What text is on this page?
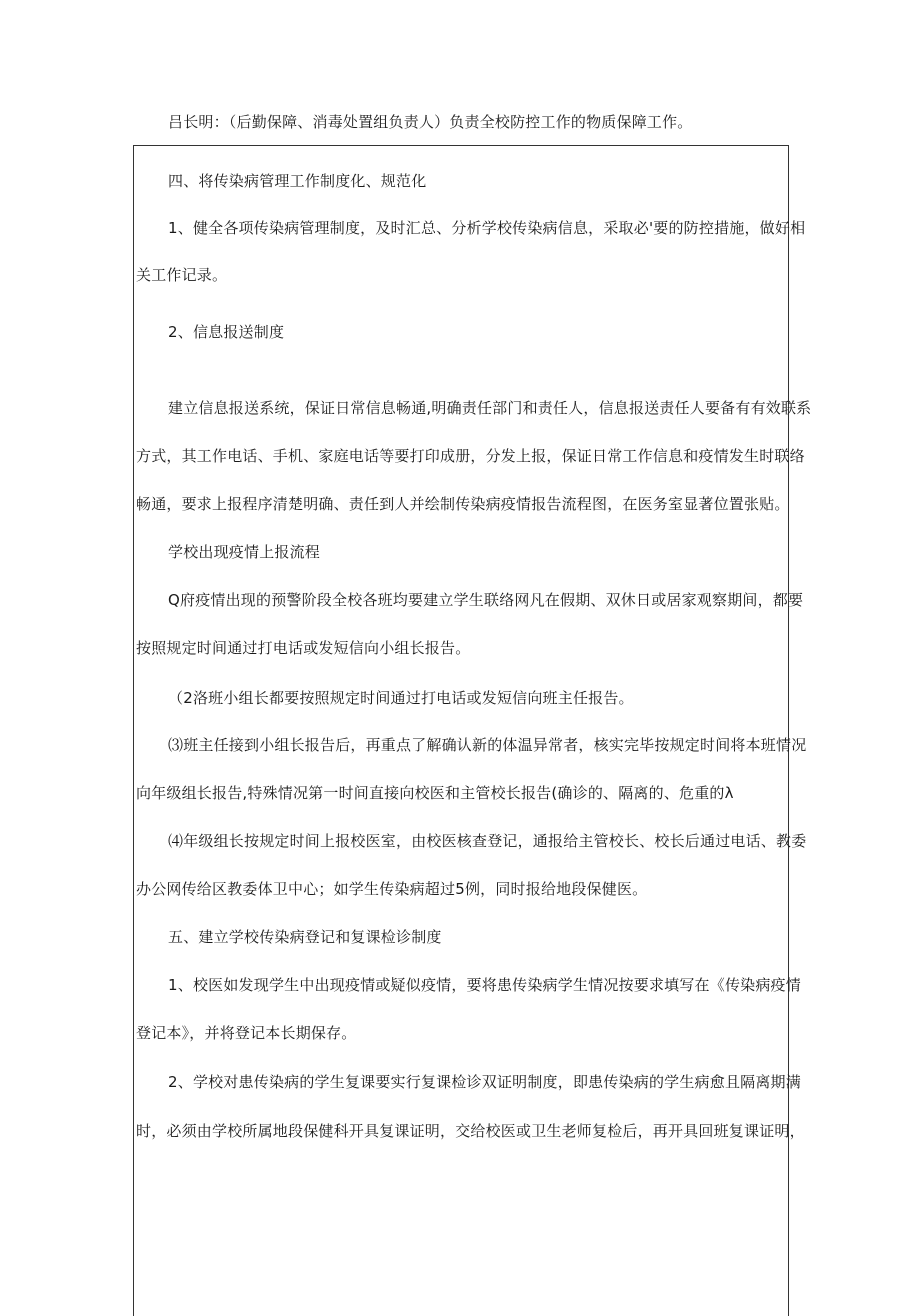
吕长明：（后勤保障、消毒处置组负责人）负责全校防控工作的物质保障工作。
四、将传染病管理工作制度化、规范化
1、健全各项传染病管理制度，及时汇总、分析学校传染病信息，采取必'要的防控措施，做好相
关工作记录。
2、信息报送制度
建立信息报送系统，保证日常信息畅通,明确责任部门和责任人，信息报送责任人要备有有效联系
方式，其工作电话、手机、家庭电话等要打印成册，分发上报，保证日常工作信息和疫情发生时联络
畅通，要求上报程序清楚明确、责任到人并绘制传染病疫情报告流程图，在医务室显著位置张贴。
学校出现疫情上报流程
Q府疫情出现的预警阶段全校各班均要建立学生联络网凡在假期、双休日或居家观察期间，都要
按照规定时间通过打电话或发短信向小组长报告。
（2洛班小组长都要按照规定时间通过打电话或发短信向班主任报告。
⑶班主任接到小组长报告后，再重点了解确认新的体温异常者，核实完毕按规定时间将本班情况
向年级组长报告,特殊情况第一时间直接向校医和主管校长报告(确诊的、隔离的、危重的λ
⑷年级组长按规定时间上报校医室，由校医核查登记，通报给主管校长、校长后通过电话、教委
办公网传给区教委体卫中心；如学生传染病超过5例，同时报给地段保健医。
五、建立学校传染病登记和复课检诊制度
1、校医如发现学生中出现疫情或疑似疫情，要将患传染病学生情况按要求填写在《传染病疫情
登记本》，并将登记本长期保存。
2、学校对患传染病的学生复课要实行复课检诊双证明制度，即患传染病的学生病愈且隔离期满
时，必须由学校所属地段保健科开具复课证明，交给校医或卫生老师复检后，再开具回班复课证明，
